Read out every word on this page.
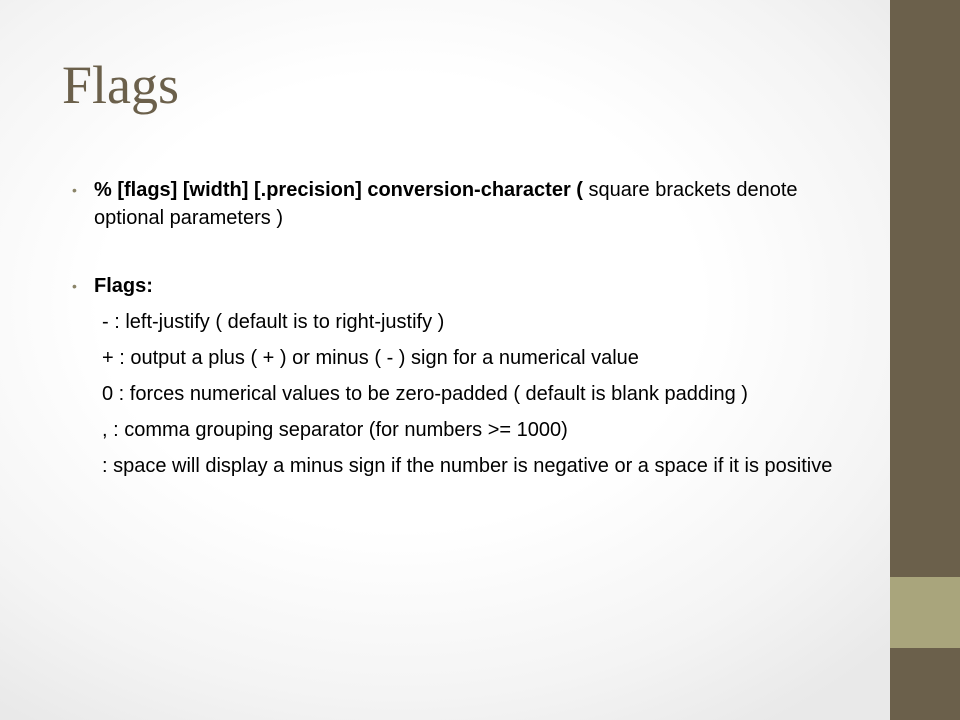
Flags
• % [flags] [width] [.precision] conversion-character ( square brackets denote optional parameters )
• Flags:
- : left-justify ( default is to right-justify )
+ : output a plus ( + ) or minus ( - ) sign for a numerical value
0 : forces numerical values to be zero-padded ( default is blank padding )
, : comma grouping separator (for numbers >= 1000)
: space will display a minus sign if the number is negative or a space if it is positive
